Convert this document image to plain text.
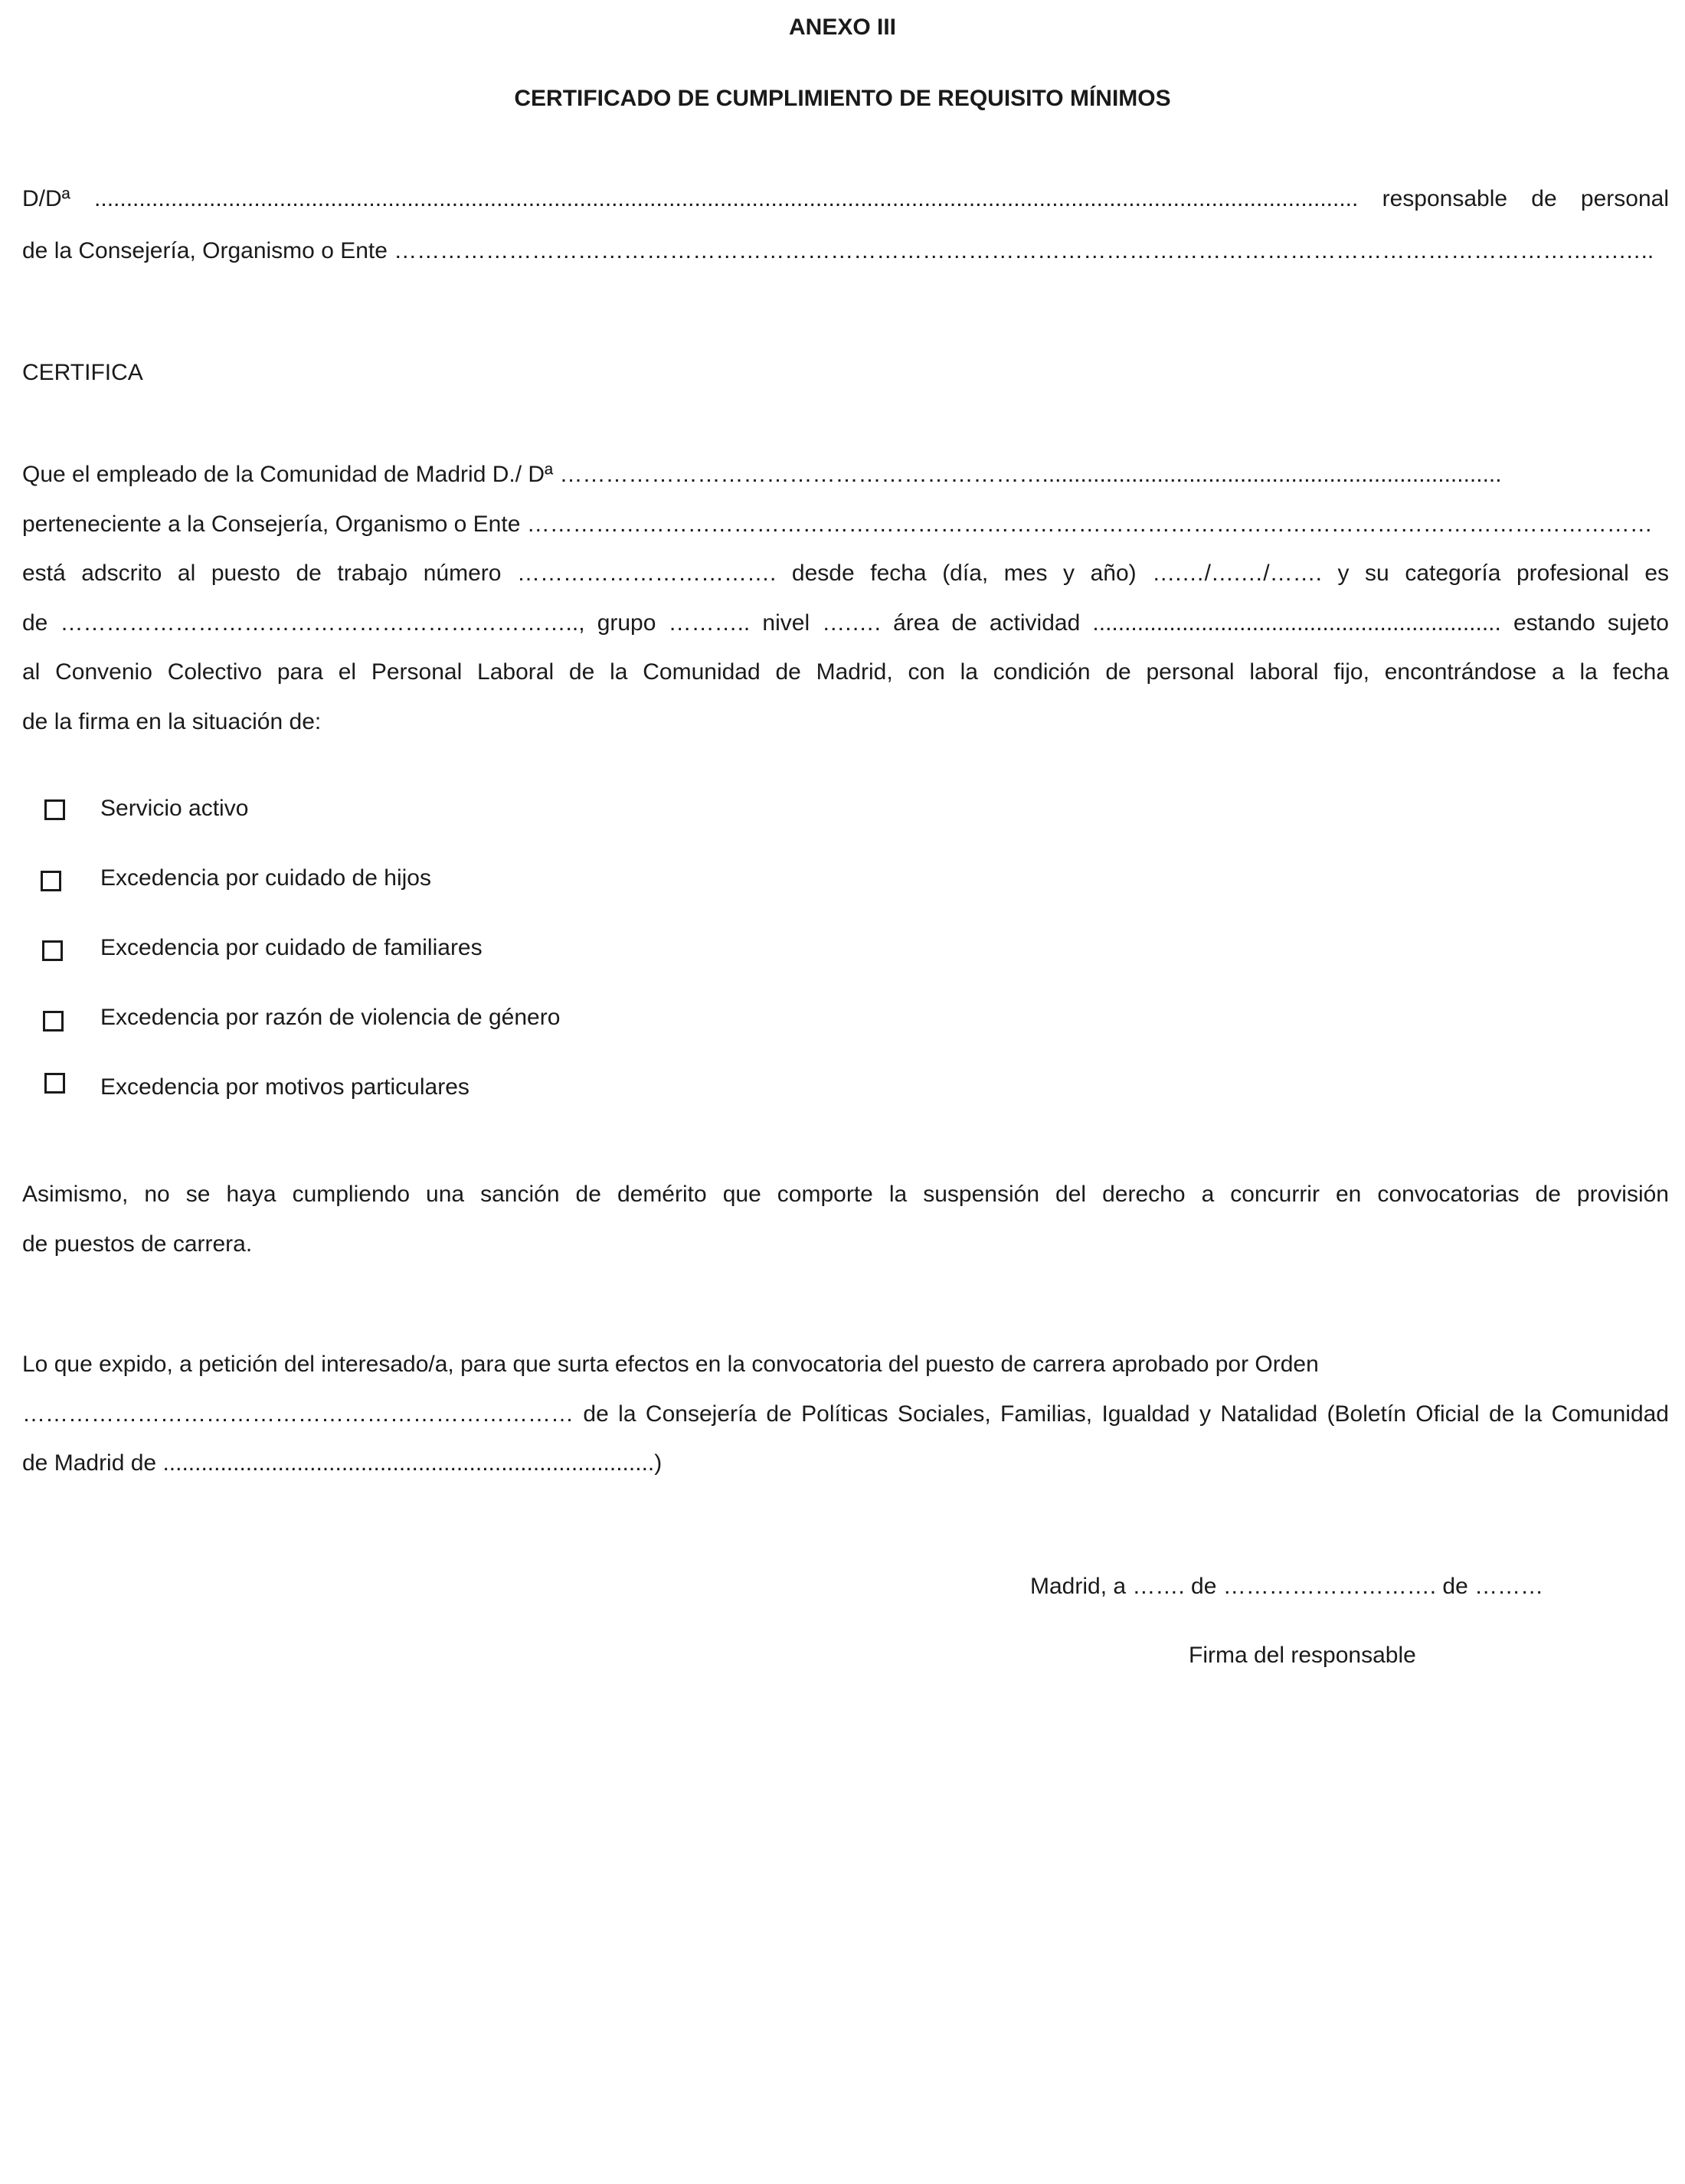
ANEXO III
CERTIFICADO DE CUMPLIMIENTO DE REQUISITO MÍNIMOS
D/Dª ...................................................................................................................................................................................................... responsable de personal
de la Consejería, Organismo o Ente …………………………………………………………………………………………………………………………………………….…..
CERTIFICA
Que el empleado de la Comunidad de Madrid D./ Dª ………………………………………………………........................................................................
perteneciente a la Consejería, Organismo o Ente …………………………………………………………………………………………………………………………………
está adscrito al puesto de trabajo número ……………………………. desde fecha (día, mes y año) ….…/….…/……. y su categoría profesional es
de ………………………………………………………….., grupo ……….. nivel ….…. área de actividad ................................................................ estando sujeto
al Convenio Colectivo para el Personal Laboral de la Comunidad de Madrid, con la condición de personal laboral fijo, encontrándose a la fecha
de la firma en la situación de:
Servicio activo
Excedencia por cuidado de hijos
Excedencia por cuidado de familiares
Excedencia por razón de violencia de género
Excedencia por motivos particulares
Asimismo, no se haya cumpliendo una sanción de demérito que comporte la suspensión del derecho a concurrir en convocatorias de provisión
de puestos de carrera.
Lo que expido, a petición del interesado/a, para que surta efectos en la convocatoria del puesto de carrera aprobado por Orden
……………………………………………………………… de la Consejería de Políticas Sociales, Familias, Igualdad y Natalidad (Boletín Oficial de la Comunidad
de Madrid de .............................................................................)
Madrid, a ……. de ………………………. de ………
Firma del responsable
